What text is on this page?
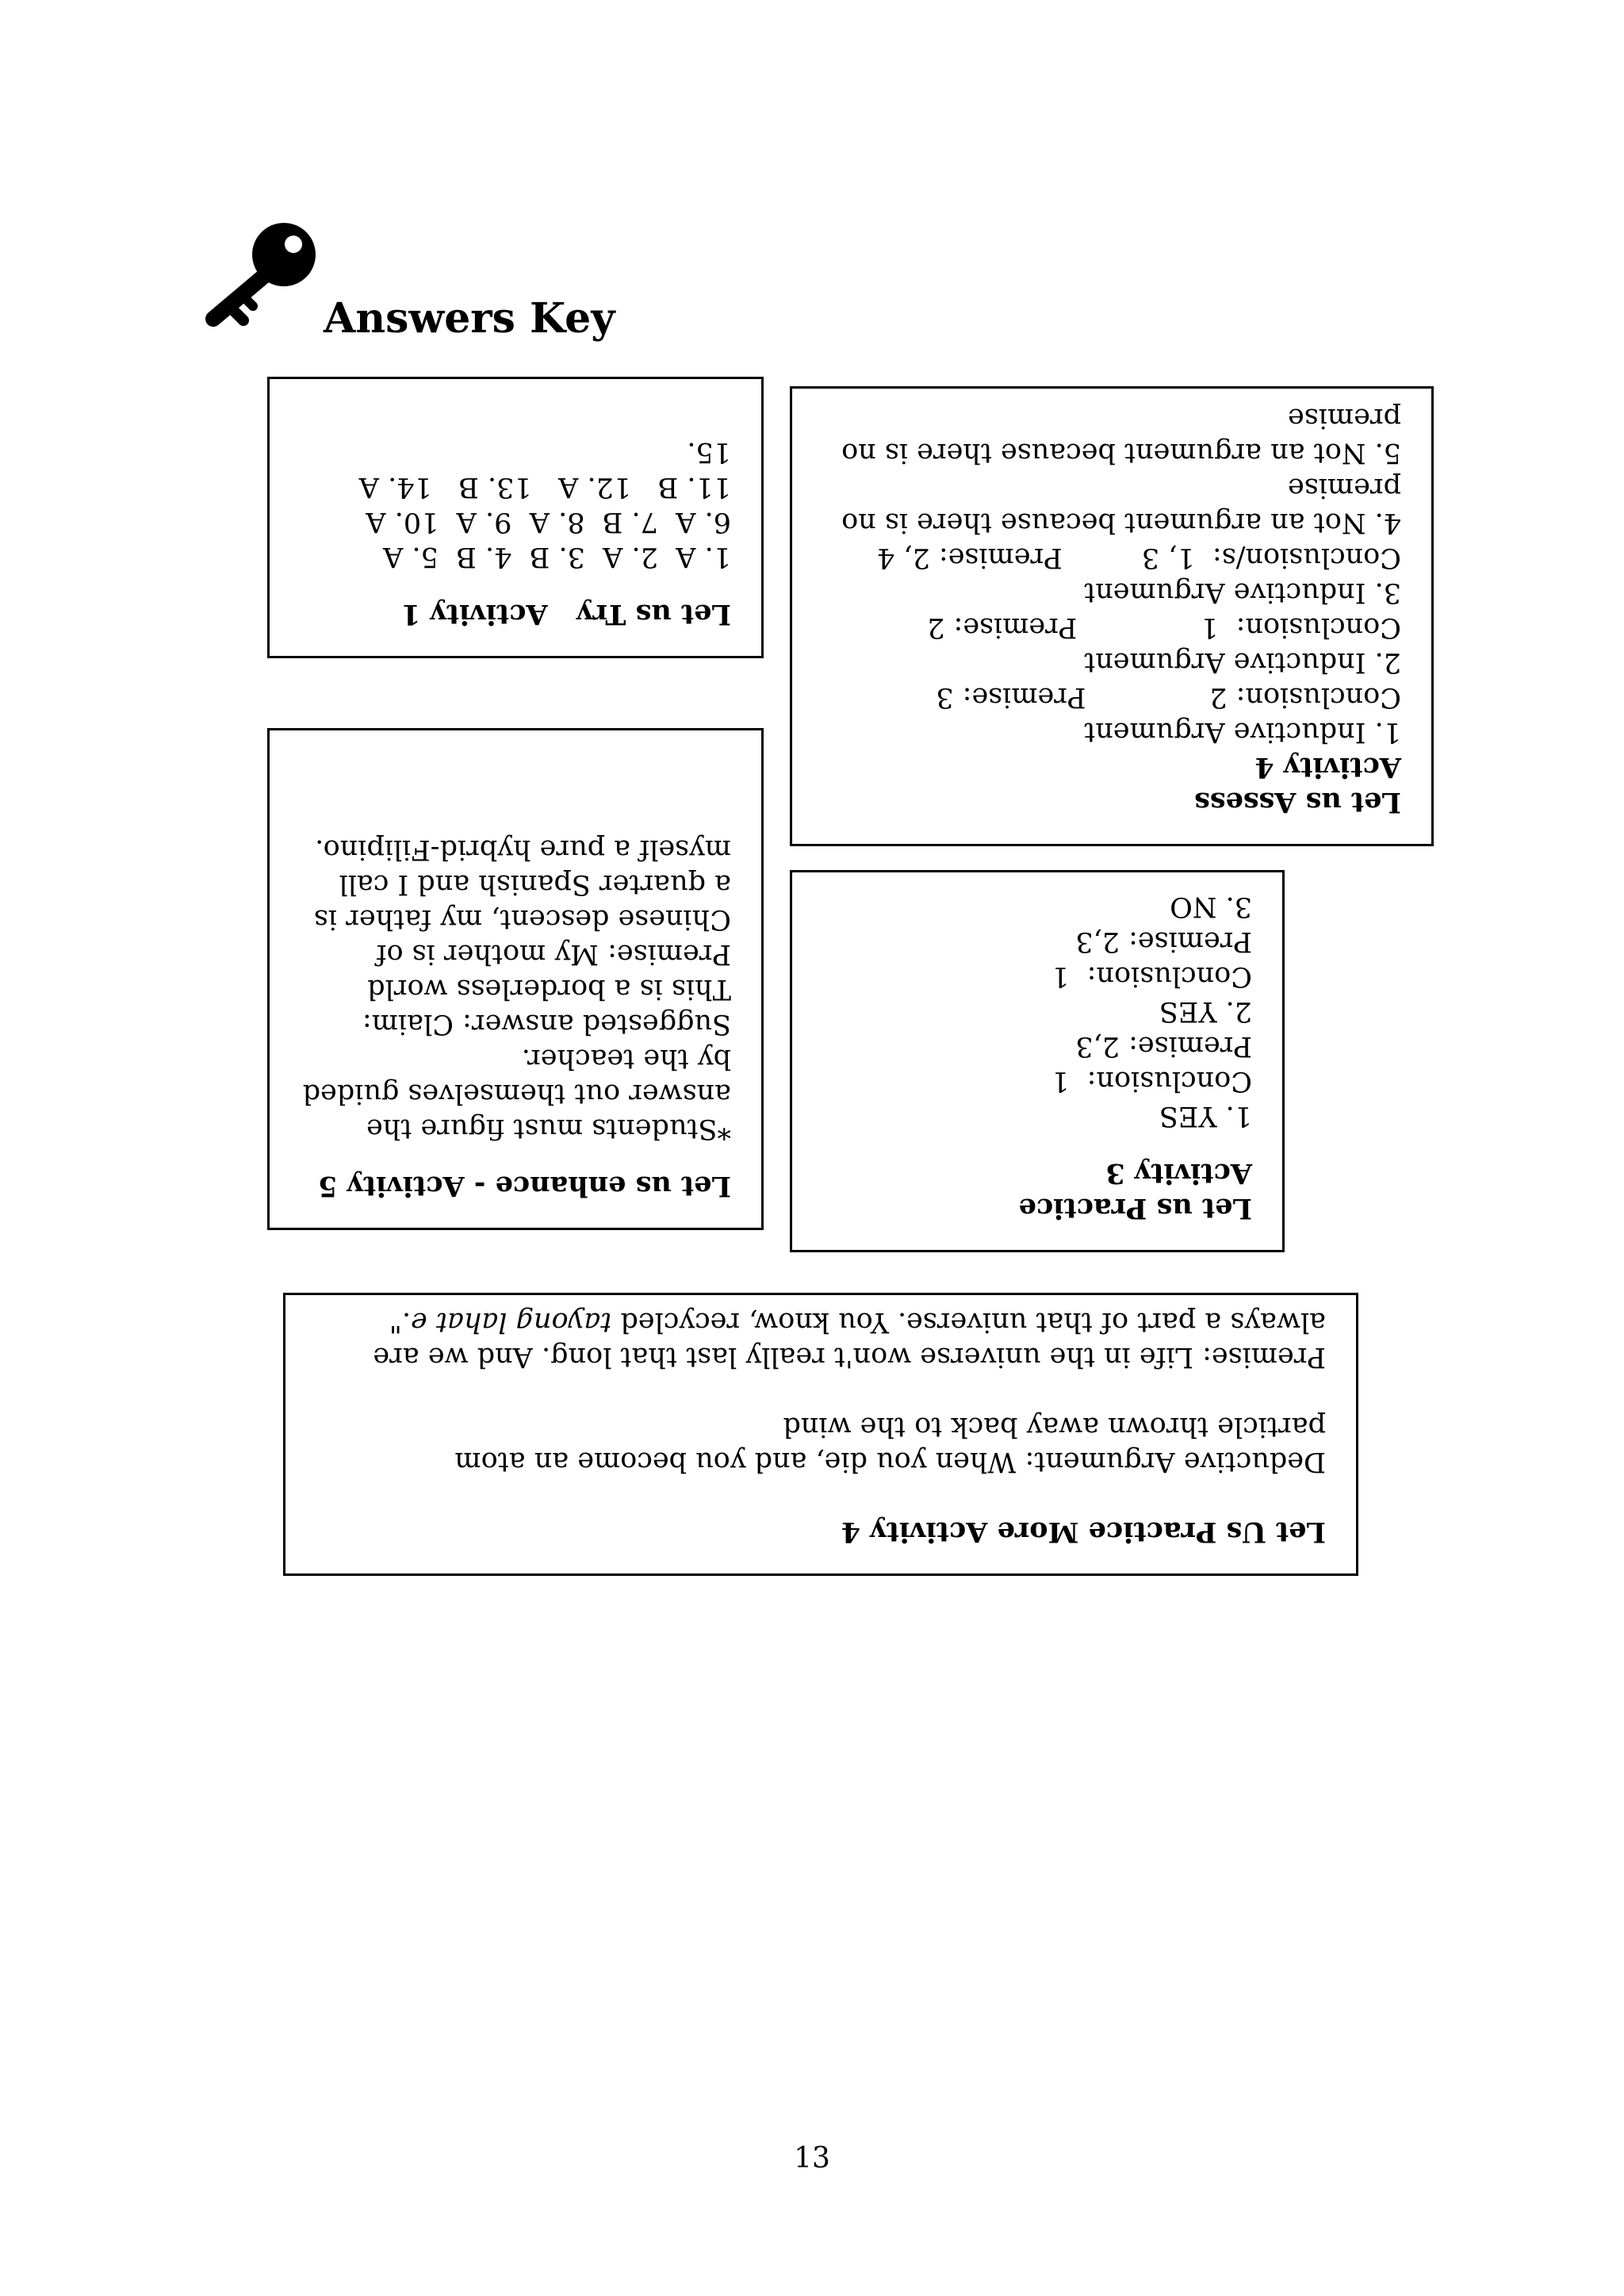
Answers Key
Let us Try   Activity 1
1. A  2. A  3. B  4. B  5. A
6. A  7. B  8. A  9. A  10. A
11. B   12. A   13. B   14. A
15.
Let us Assess
Activity 4
1. Inductive Argument
Conclusion: 2              Premise: 3
2. Inductive Argument
Conclusion:  1              Premise: 2
3. Inductive Argument
Conclusion/s:  1, 3         Premise: 2, 4
4. Not an argument because there is no
premise
5. Not an argument because there is no
premise
Let us enhance - Activity 5
*Students must figure the
answer out themselves guided
by the teacher.
Suggested answer: Claim:
This is a borderless world
Premise: My mother is of
Chinese descent, my father is
a quarter Spanish and I call
myself a pure hybrid-Filipino.
Let us Practice
Activity 3
1. YES
Conclusion:  1
Premise: 2,3
2. YES
Conclusion:  1
Premise: 2,3
3. NO
Let Us Practice More Activity 4
Deductive Argument: When you die, and you become an atom
particle thrown away back to the wind
Premise: Life in the universe won't really last that long. And we are
always a part of that universe. You know, recycled tayong lahat e."
13
